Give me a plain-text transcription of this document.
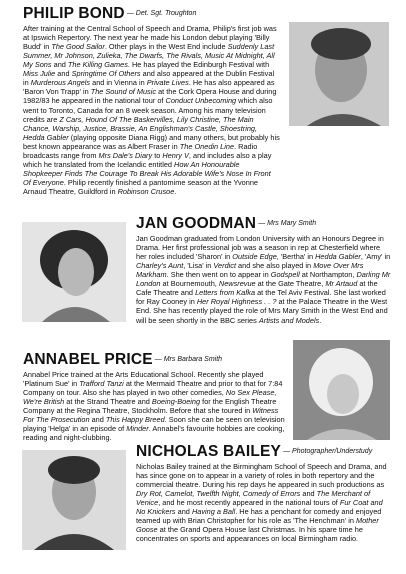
PHILIP BOND — Det. Sgt. Troughton

After training at the Central School of Speech and Drama, Philip's first job was at Ipswich Repertory. The next year he made his London debut playing 'Billy Budd' in The Good Sailor. Other plays in the West End include Suddenly Last Summer, Mr Johnson, Zulieka, The Dwarfs, The Rivals, Music At Midnight, All My Sons and The Killing Games. He has played the Edinburgh Festival with Miss Julie and Springtime Of Others and also appeared at the Dublin Festival in Murderous Angels and in Vienna in Private Lives. He has also appeared as 'Baron Von Trapp' in The Sound of Music at the Cork Opera House and during 1982/83 he appeared in the national tour of Conduct Unbecoming which also went to Toronto, Canada for an 8 week season. Among his many television credits are Z Cars, Hound Of The Baskervilles, Lily Christine, The Main Chance, Warship, Justice, Brassie, An Englishman's Castle, Shoestring, Hedda Gabler (playing opposite Diana Rigg) and many others, but probably his best known appearance was as Albert Fraser in The Onedin Line. Radio broadcasts range from Mrs Dale's Diary to Henry V, and includes also a play which he translated from the Icelandic entitled How An Honourable Shopkeeper Finds The Courage To Break His Adorable Wife's Nose In Front Of Everyone. Philip recently finished a pantomime season at the Yvonne Arnaud Theatre, Guildford in Robinson Crusoe.

JAN GOODMAN — Mrs Mary Smith

Jan Goodman graduated from London University with an Honours Degree in Drama. Her first professional job was a season in rep at Chesterfield where her roles included 'Sharon' in Outside Edge, 'Bertha' in Hedda Gabler, 'Amy' in Charley's Aunt, 'Lisa' in Verdict and she also played in Move Over Mrs Markham. She then went on to appear in Godspell at Northampton, Darling Mr London at Bournemouth, Newsrevue at the Gate Theatre, Mr Artaud at the Cafe Theatre and Letters from Kafka at the Tel Aviv Festival. She last worked for Ray Cooney in Her Royal Highness . . ? at the Palace Theatre in the West End. She has recently played the role of Mrs Mary Smith in the West End and will be seen shortly in the BBC series Artists and Models.

ANNABEL PRICE — Mrs Barbara Smith

Annabel Price trained at the Arts Educational School. Recently she played 'Platinum Sue' in Trafford Tanzi at the Mermaid Theatre and prior to that for 7:84 Company on tour. Also she has played in two other comedies, No Sex Please, We're British at the Strand Theatre and Boeing-Boeing for the English Theatre Company at the Regina Theatre, Stockholm. Before that she toured in Witness For The Prosecution and This Happy Breed. Soon she can be seen on television playing 'Helga' in an episode of Minder. Annabel's favourite hobbies are cooking, reading and night-clubbing.

NICHOLAS BAILEY — Photographer/Understudy

Nicholas Bailey trained at the Birmingham School of Speech and Drama, and has since gone on to appear in a variety of roles in both repertory and the commercial theatre. During his rep days he appeared in such productions as Dry Rot, Camelot, Twelfth Night, Comedy of Errors and The Merchant of Venice, and he most recently appeared in the national tours of Fur Coat and No Knickers and Having a Ball. He has a penchant for comedy and enjoyed teamed up with Brian Christopher for his role as 'The Henchman' in Mother Goose at the Grand Opera House last Christmas. In his spare time he concentrates on sports and appearances on local Birmingham radio.
